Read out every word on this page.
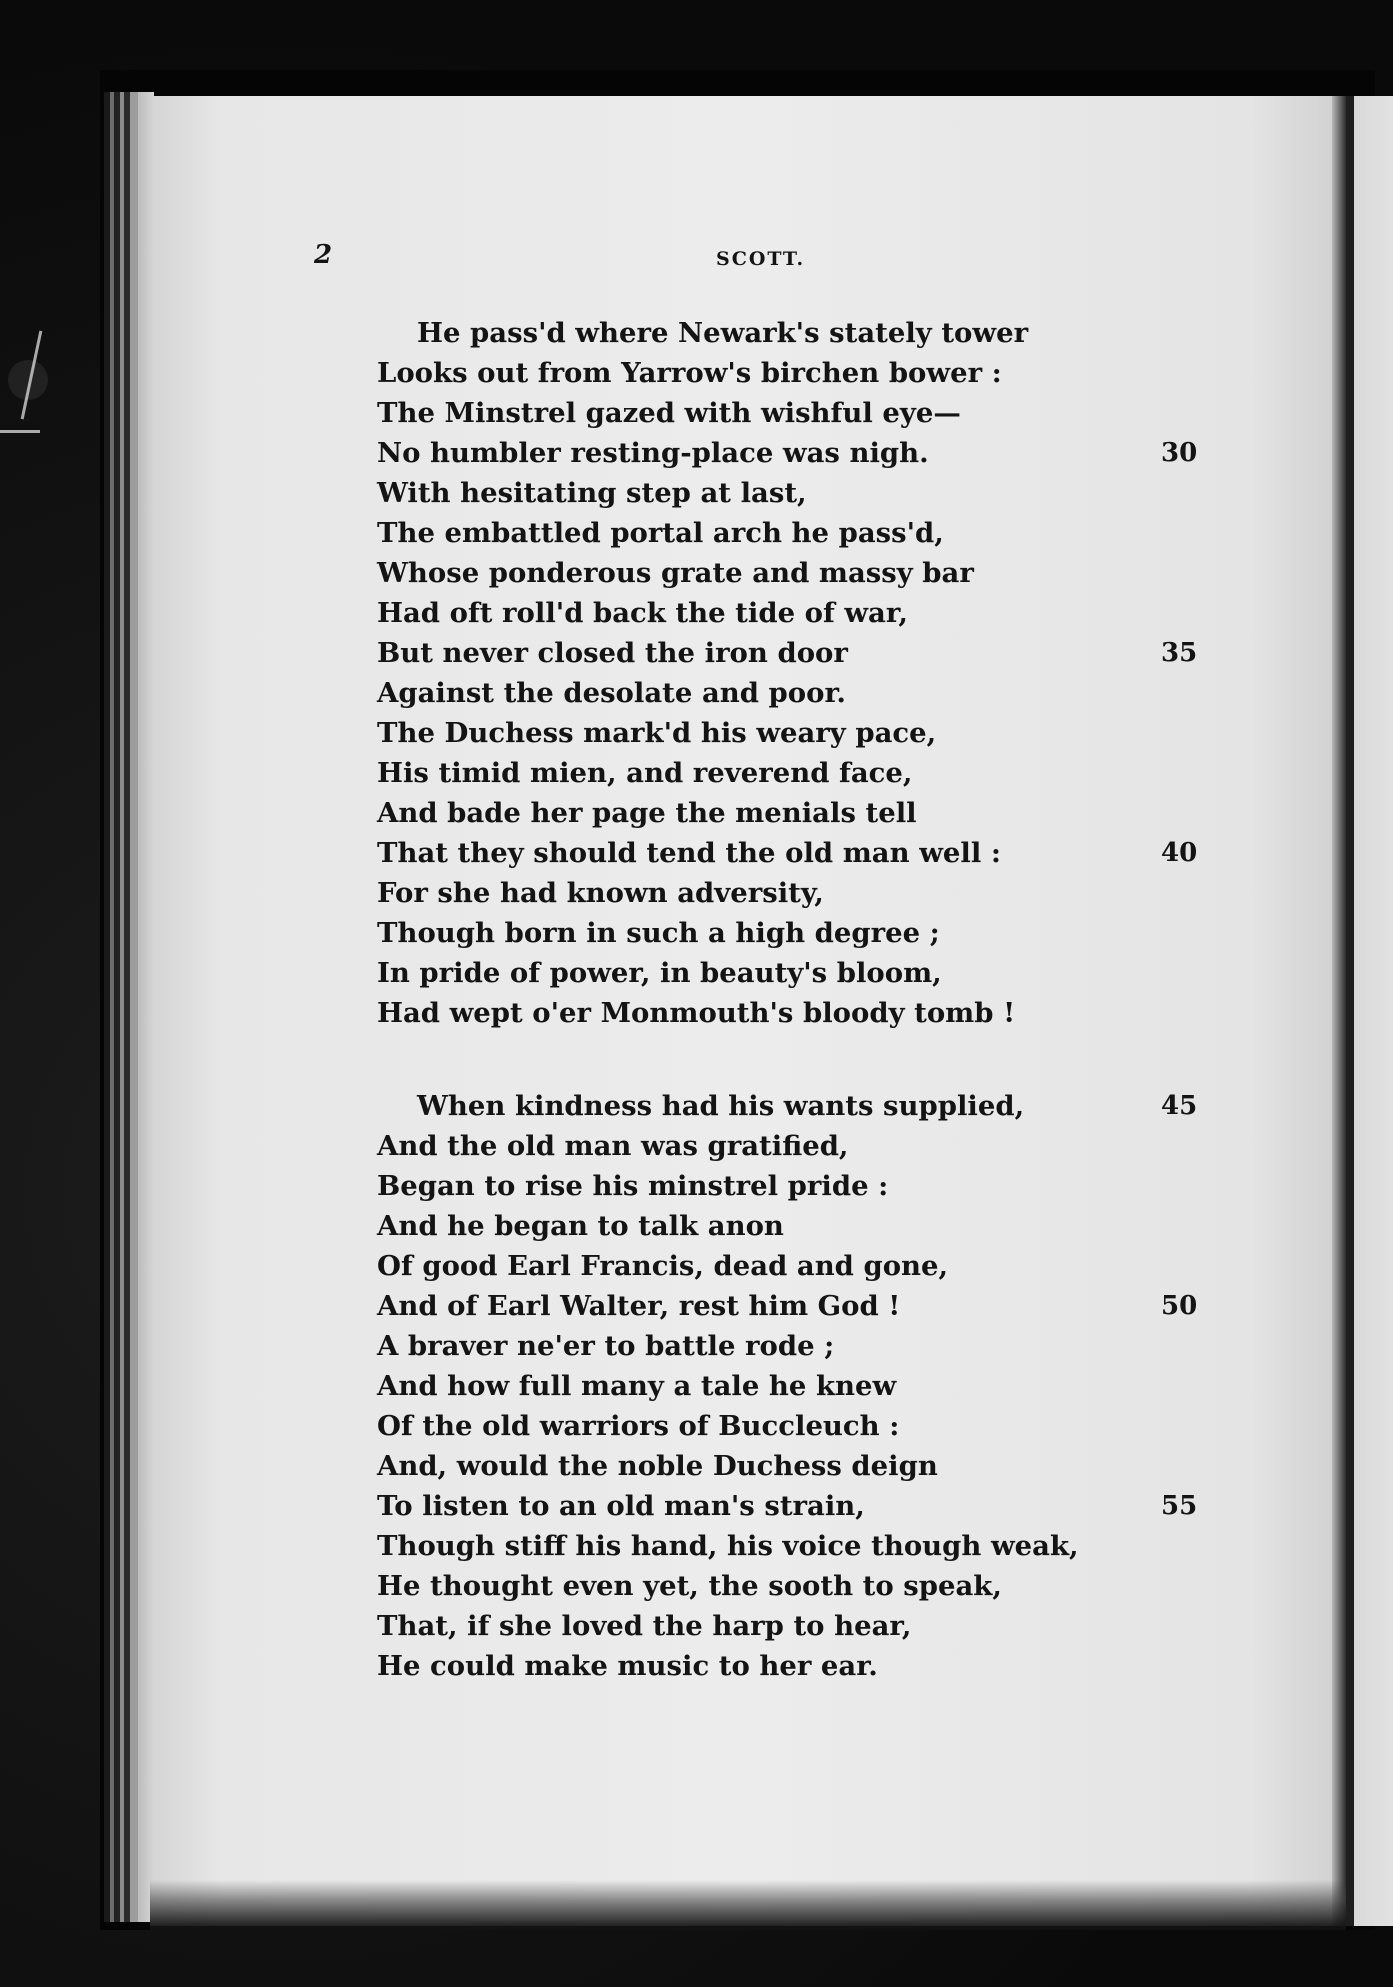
2	SCOTT.
He pass'd where Newark's stately tower
Looks out from Yarrow's birchen bower :
The Minstrel gazed with wishful eye—
No humbler resting-place was nigh.	30
With hesitating step at last,
The embattled portal arch he pass'd,
Whose ponderous grate and massy bar
Had oft roll'd back the tide of war,
But never closed the iron door	35
Against the desolate and poor.
The Duchess mark'd his weary pace,
His timid mien, and reverend face,
And bade her page the menials tell
That they should tend the old man well :	40
For she had known adversity,
Though born in such a high degree ;
In pride of power, in beauty's bloom,
Had wept o'er Monmouth's bloody tomb !
When kindness had his wants supplied,	45
And the old man was gratified,
Began to rise his minstrel pride :
And he began to talk anon
Of good Earl Francis, dead and gone,
And of Earl Walter, rest him God !	50
A braver ne'er to battle rode ;
And how full many a tale he knew
Of the old warriors of Buccleuch :
And, would the noble Duchess deign
To listen to an old man's strain,	55
Though stiff his hand, his voice though weak,
He thought even yet, the sooth to speak,
That, if she loved the harp to hear,
He could make music to her ear.
